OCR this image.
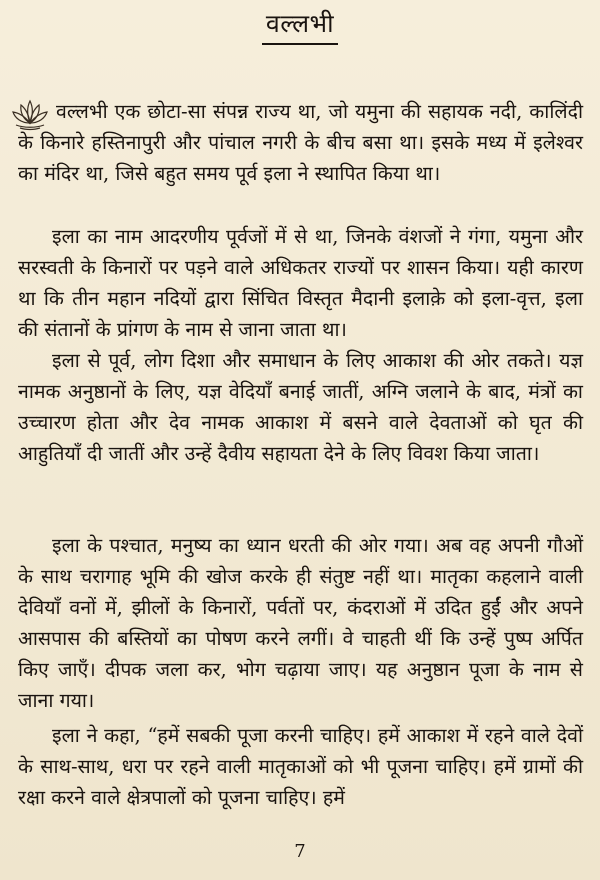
वल्लभी

वल्लभी एक छोटा-सा संपन्न राज्य था, जो यमुना की सहायक नदी, कालिंदी के किनारे हस्तिनापुरी और पांचाल नगरी के बीच बसा था। इसके मध्य में इलेश्वर का मंदिर था, जिसे बहुत समय पूर्व इला ने स्थापित किया था।

इला का नाम आदरणीय पूर्वजों में से था, जिनके वंशजों ने गंगा, यमुना और सरस्वती के किनारों पर पड़ने वाले अधिकतर राज्यों पर शासन किया। यही कारण था कि तीन महान नदियों द्वारा सिंचित विस्तृत मैदानी इलाक़े को इला-वृत्त, इला की संतानों के प्रांगण के नाम से जाना जाता था।

इला से पूर्व, लोग दिशा और समाधान के लिए आकाश की ओर तकते। यज्ञ नामक अनुष्ठानों के लिए, यज्ञ वेदियाँ बनाई जातीं, अग्नि जलाने के बाद, मंत्रों का उच्चारण होता और देव नामक आकाश में बसने वाले देवताओं को घृत की आहुतियाँ दी जातीं और उन्हें दैवीय सहायता देने के लिए विवश किया जाता।

इला के पश्चात, मनुष्य का ध्यान धरती की ओर गया। अब वह अपनी गौओं के साथ चरागाह भूमि की खोज करके ही संतुष्ट नहीं था। मातृका कहलाने वाली देवियाँ वनों में, झीलों के किनारों, पर्वतों पर, कंदराओं में उदित हुईं और अपने आसपास की बस्तियों का पोषण करने लगीं। वे चाहती थीं कि उन्हें पुष्प अर्पित किए जाएँ। दीपक जला कर, भोग चढ़ाया जाए। यह अनुष्ठान पूजा के नाम से जाना गया।

इला ने कहा, “हमें सबकी पूजा करनी चाहिए। हमें आकाश में रहने वाले देवों के साथ-साथ, धरा पर रहने वाली मातृकाओं को भी पूजना चाहिए। हमें ग्रामों की रक्षा करने वाले क्षेत्रपालों को पूजना चाहिए। हमें

7
